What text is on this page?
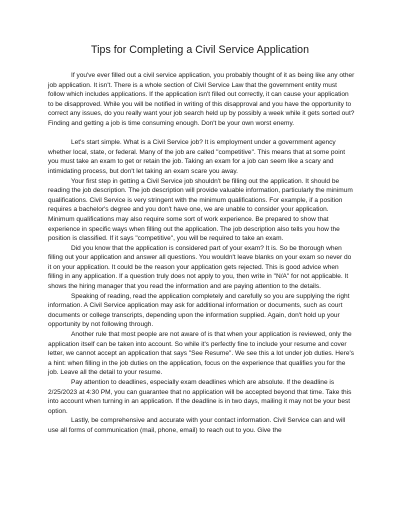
Tips for Completing a Civil Service Application

If you've ever filled out a civil service application, you probably thought of it as being like any other job application. It isn't. There is a whole section of Civil Service Law that the government entity must follow which includes applications. If the application isn't filled out correctly, it can cause your application to be disapproved. While you will be notified in writing of this disapproval and you have the opportunity to correct any issues, do you really want your job search held up by possibly a week while it gets sorted out? Finding and getting a job is time consuming enough. Don't be your own worst enemy.

Let's start simple. What is a Civil Service job? It is employment under a government agency whether local, state, or federal. Many of the job are called "competitive". This means that at some point you must take an exam to get or retain the job. Taking an exam for a job can seem like a scary and intimidating process, but don't let taking an exam scare you away.

Your first step in getting a Civil Service job shouldn't be filling out the application. It should be reading the job description. The job description will provide valuable information, particularly the minimum qualifications. Civil Service is very stringent with the minimum qualifications. For example, if a position requires a bachelor's degree and you don't have one, we are unable to consider your application. Minimum qualifications may also require some sort of work experience. Be prepared to show that experience in specific ways when filling out the application. The job description also tells you how the position is classified. If it says "competitive", you will be required to take an exam.

Did you know that the application is considered part of your exam? It is. So be thorough when filling out your application and answer all questions. You wouldn't leave blanks on your exam so never do it on your application. It could be the reason your application gets rejected. This is good advice when filling in any application. If a question truly does not apply to you, then write in "N/A" for not applicable. It shows the hiring manager that you read the information and are paying attention to the details.

Speaking of reading, read the application completely and carefully so you are supplying the right information. A Civil Service application may ask for additional information or documents, such as court documents or college transcripts, depending upon the information supplied. Again, don't hold up your opportunity by not following through.

Another rule that most people are not aware of is that when your application is reviewed, only the application itself can be taken into account. So while it's perfectly fine to include your resume and cover letter, we cannot accept an application that says "See Resume". We see this a lot under job duties. Here's a hint: when filling in the job duties on the application, focus on the experience that qualifies you for the job. Leave all the detail to your resume.

Pay attention to deadlines, especially exam deadlines which are absolute. If the deadline is 2/25/2023 at 4:30 PM, you can guarantee that no application will be accepted beyond that time. Take this into account when turning in an application. If the deadline is in two days, mailing it may not be your best option.

Lastly, be comprehensive and accurate with your contact information. Civil Service can and will use all forms of communication (mail, phone, email) to reach out to you. Give the
